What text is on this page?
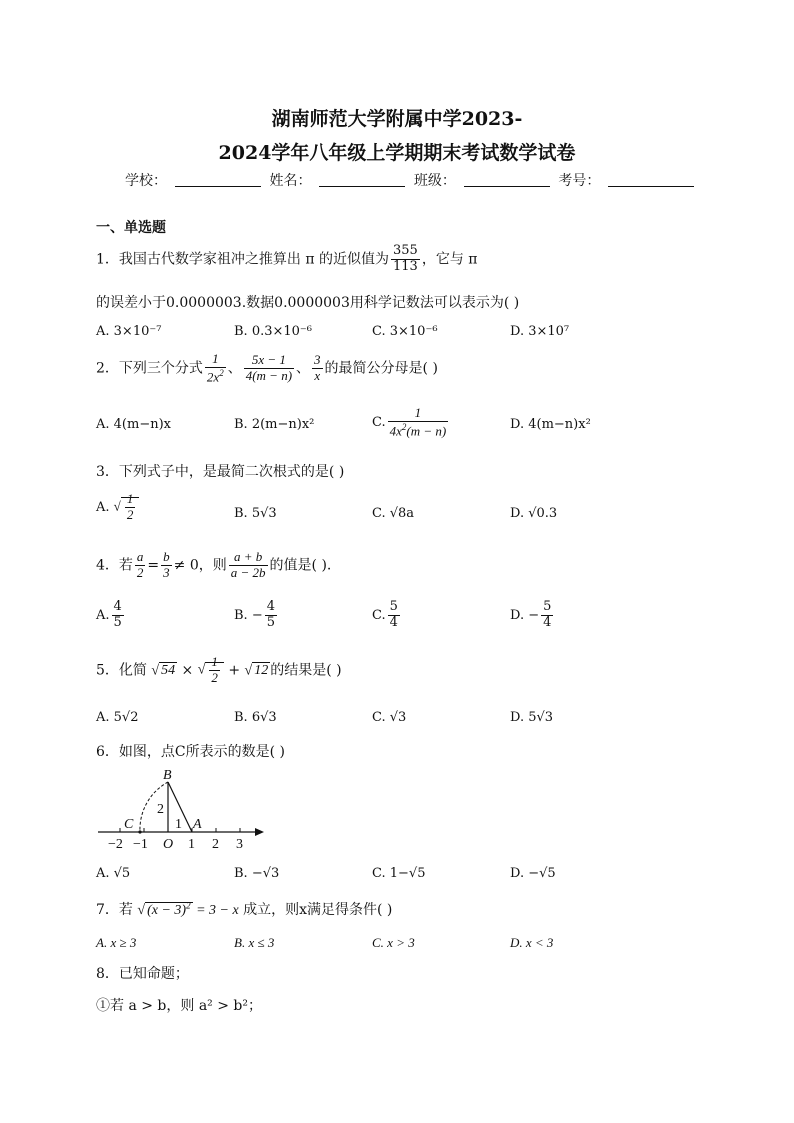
湖南师范大学附属中学2023-
2024学年八年级上学期期末考试数学试卷
学校：	姓名：	班级：	考号：
一、单选题
1．我国古代数学家祖冲之推算出 π 的近似值为 $\frac{355}{113}$ ，它与 π
的误差小于0.0000003.数据0.0000003用科学记数法可以表示为( )
A. 3×10⁻⁷	B. 0.3×10⁻⁶	C. 3×10⁻⁶	D. 3×10⁷
2．下列三个分式 $\frac{1}{2x^2}$ 、 $\frac{5x - 1}{4(m - n)}$ 、 $\frac{3}{x}$ 的最简公分母是( )
A. 4(m−n)x	B. 2(m−n)x²	C. $\frac{1}{4x^2(m - n)}$	D. 4(m−n)x²
3．下列式子中，是最简二次根式的是( )
A. √ $\frac{1}{2}$	B. 5√3	C. √8a	D. √0.3
4．若 $\frac{a}{2} = \frac{b}{3} \ne 0$，则 $\frac{a + b}{a - 2b}$ 的值是( ).
A. $\frac{4}{5}$	B. − $\frac{4}{5}$	C. $\frac{5}{4}$	D. − $\frac{5}{4}$
5．化简 √ 54 × √ $\frac{1}{2}$ + √ 12 的结果是( )
A. 5√2	B. 6√3	C. √3	D. 5√3
6．如图，点C所表示的数是( )
B
C
2
1 A
−2 −1 O 1 2 3
A. √5	B. −√3	C. 1−√5	D. −√5
7．若 √ $(x - 3)^2 = 3 - x$ 成立，则x满足得条件( )
A. x ≥ 3	B. x ≤ 3	C. x > 3	D. x < 3
8．已知命题；
①若 a > b，则 a² > b²；
